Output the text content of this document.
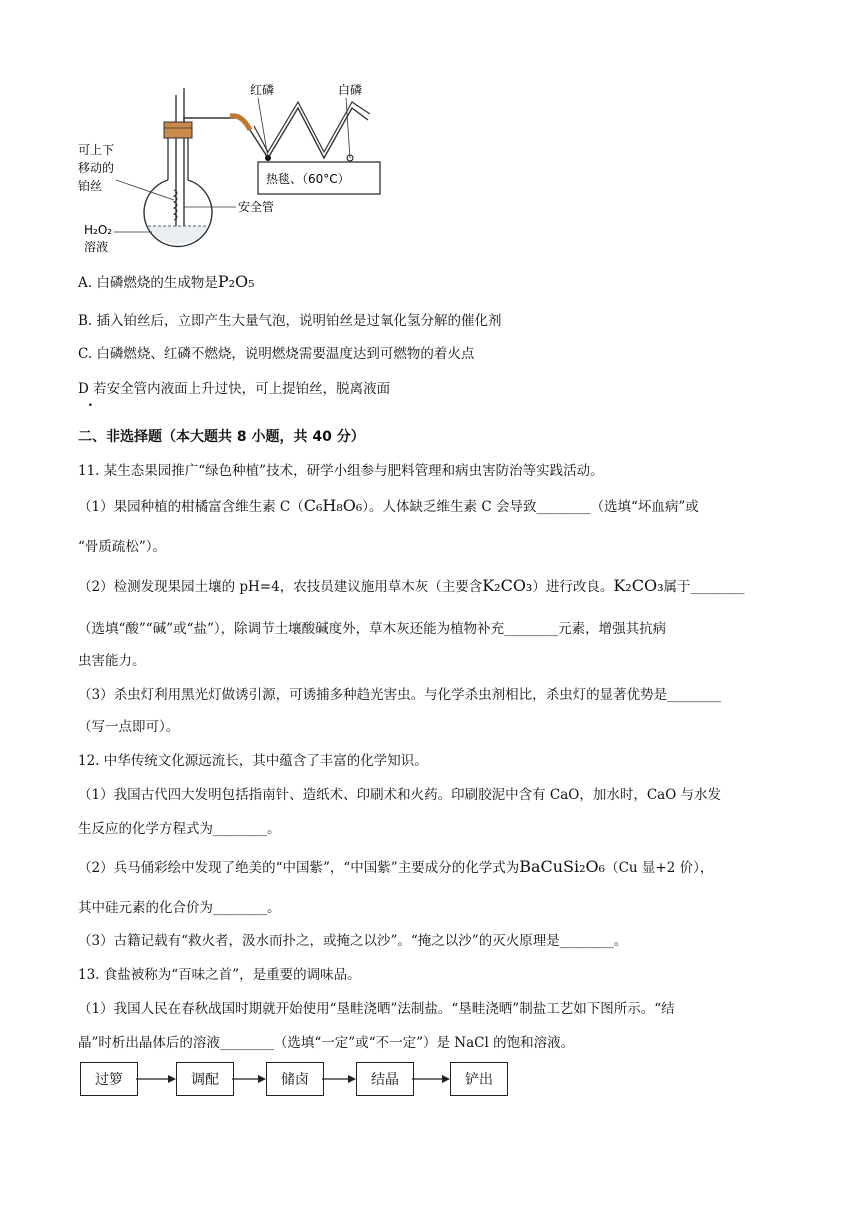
热毯、（60°C）
红磷	白磷
可上下
移动的
铂丝
H₂O₂
溶液
安全管
A. 白磷燃烧的生成物是P₂O₅
B. 插入铂丝后，立即产生大量气泡，说明铂丝是过氧化氢分解的催化剂
C. 白磷燃烧、红磷不燃烧，说明燃烧需要温度达到可燃物的着火点
D 若安全管内液面上升过快，可上提铂丝，脱离液面
.
二、非选择题（本大题共 8 小题，共 40 分）
11. 某生态果园推广“绿色种植”技术，研学小组参与肥料管理和病虫害防治等实践活动。
（1）果园种植的柑橘富含维生素 C（C₆H₈O₆）。人体缺乏维生素 C 会导致________（选填“坏血病”或
“骨质疏松”）。
（2）检测发现果园土壤的 pH=4，农技员建议施用草木灰（主要含K₂CO₃）进行改良。K₂CO₃属于________
（选填“酸”“碱”或“盐”），除调节土壤酸碱度外，草木灰还能为植物补充________元素，增强其抗病
虫害能力。
（3）杀虫灯利用黑光灯做诱引源，可诱捕多种趋光害虫。与化学杀虫剂相比，杀虫灯的显著优势是________
（写一点即可）。
12. 中华传统文化源远流长，其中蕴含了丰富的化学知识。
（1）我国古代四大发明包括指南针、造纸术、印刷术和火药。印刷胶泥中含有 CaO，加水时，CaO 与水发
生反应的化学方程式为________。
（2）兵马俑彩绘中发现了绝美的“中国紫”，“中国紫”主要成分的化学式为BaCuSi₂O₆（Cu 显+2 价），
其中硅元素的化合价为________。
（3）古籍记载有“救火者，汲水而扑之，或掩之以沙”。“掩之以沙”的灭火原理是________。
13. 食盐被称为“百味之首”，是重要的调味品。
（1）我国人民在春秋战国时期就开始使用“垦畦浇晒”法制盐。“垦畦浇晒”制盐工艺如下图所示。“结
晶”时析出晶体后的溶液________（选填“一定”或“不一定”）是 NaCl 的饱和溶液。
过箩	调配	储卤	结晶	铲出
